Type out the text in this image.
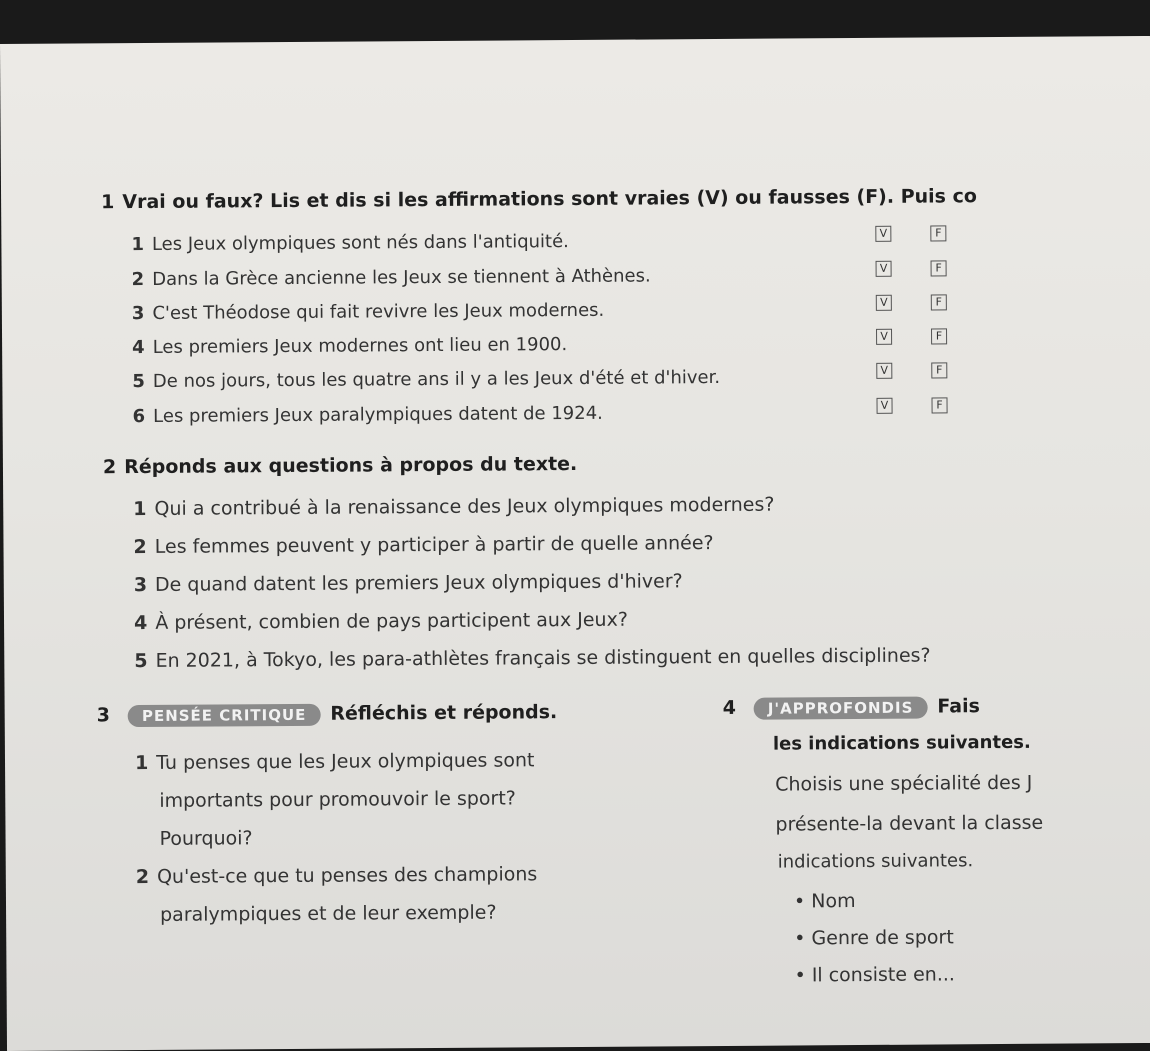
1 Vrai ou faux? Lis et dis si les affirmations sont vraies (V) ou fausses (F). Puis co
1 Les Jeux olympiques sont nés dans l'antiquité.	V	F
2 Dans la Grèce ancienne les Jeux se tiennent à Athènes.	V	F
3 C'est Théodose qui fait revivre les Jeux modernes.	V	F
4 Les premiers Jeux modernes ont lieu en 1900.	V	F
5 De nos jours, tous les quatre ans il y a les Jeux d'été et d'hiver.	V	F
6 Les premiers Jeux paralympiques datent de 1924.	V	F
2 Réponds aux questions à propos du texte.
1 Qui a contribué à la renaissance des Jeux olympiques modernes?
2 Les femmes peuvent y participer à partir de quelle année?
3 De quand datent les premiers Jeux olympiques d'hiver?
4 À présent, combien de pays participent aux Jeux?
5 En 2021, à Tokyo, les para-athlètes français se distinguent en quelles disciplines?
3 PENSÉE CRITIQUE Réfléchis et réponds.
1 Tu penses que les Jeux olympiques sont
importants pour promouvoir le sport?
Pourquoi?
2 Qu'est-ce que tu penses des champions
paralympiques et de leur exemple?
4 J'APPROFONDIS Fais
les indications suivantes.
Choisis une spécialité des J
présente-la devant la classe
indications suivantes.
• Nom
• Genre de sport
• Il consiste en...
